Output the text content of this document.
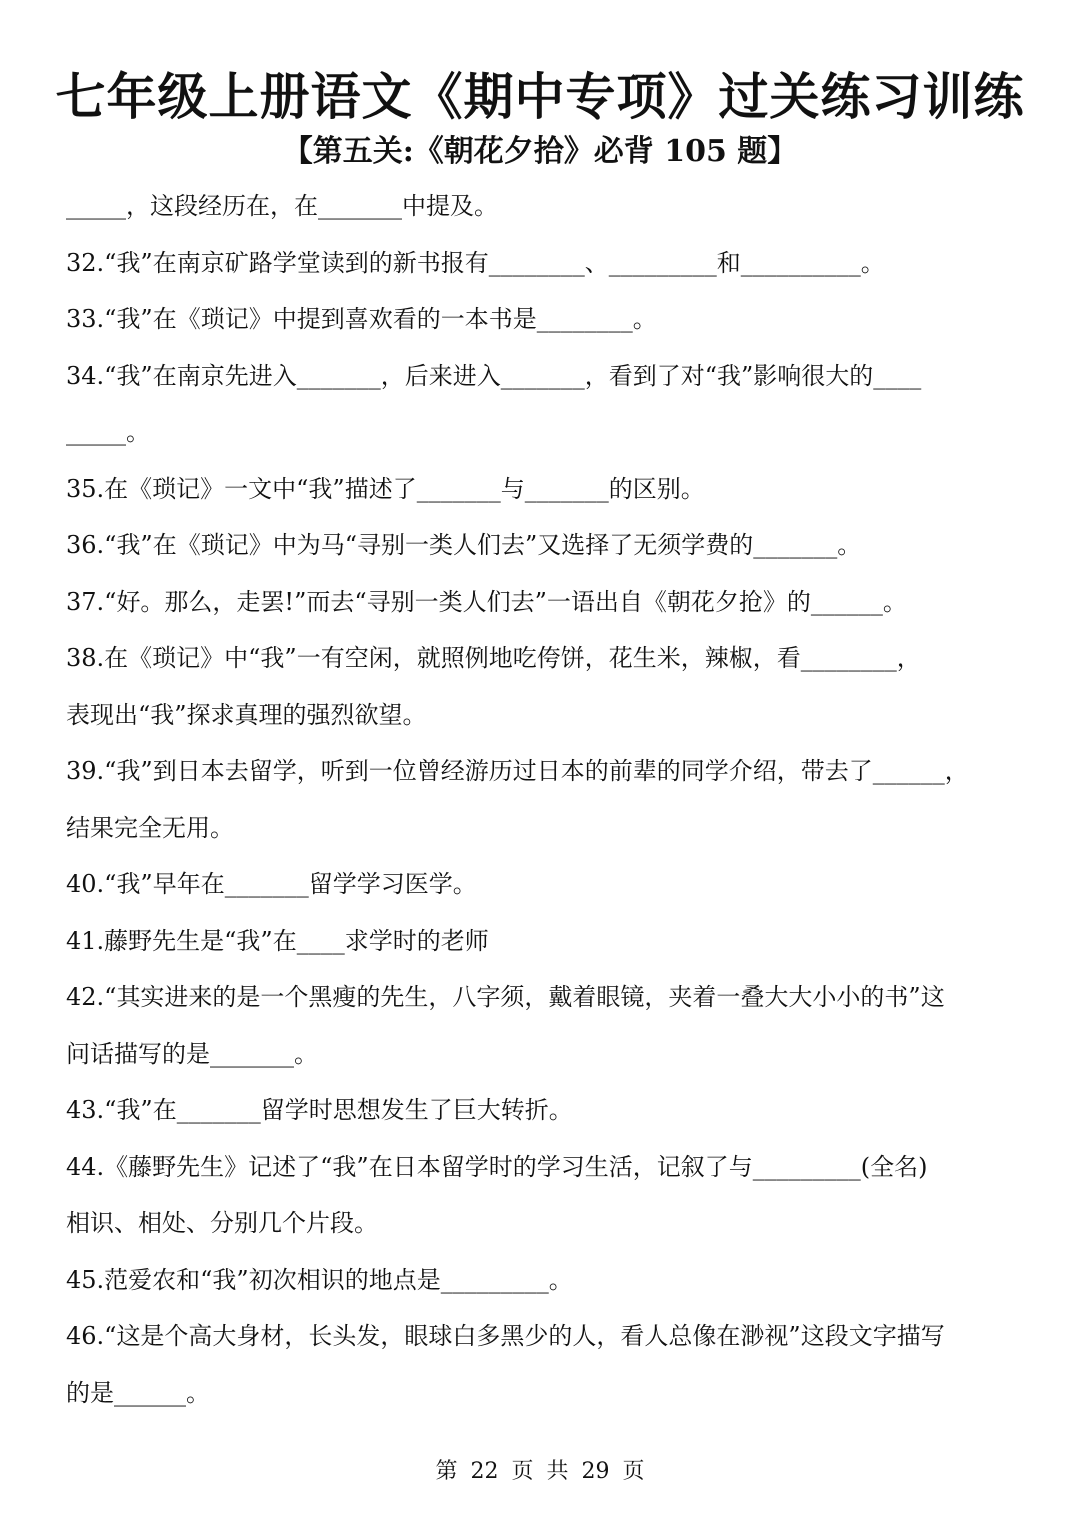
七年级上册语文《期中专项》过关练习训练
【第五关:《朝花夕拾》必背 105 题】
_____，这段经历在，在_______中提及。
32.“我”在南京矿路学堂读到的新书报有________、_________和__________。
33.“我”在《琐记》中提到喜欢看的一本书是________。
34.“我”在南京先进入_______，后来进入_______，看到了对“我”影响很大的____
_____。
35.在《琐记》一文中“我”描述了_______与_______的区别。
36.“我”在《琐记》中为马“寻别一类人们去”又选择了无须学费的_______。
37.“好。那么，走罢!”而去“寻别一类人们去”一语出自《朝花夕抢》的______。
38.在《琐记》中“我”一有空闲，就照例地吃侉饼，花生米，辣椒，看________，
表现出“我”探求真理的强烈欲望。
39.“我”到日本去留学，听到一位曾经游历过日本的前辈的同学介绍，带去了______，
结果完全无用。
40.“我”早年在_______留学学习医学。
41.藤野先生是“我”在____求学时的老师
42.“其实进来的是一个黑瘦的先生，八字须，戴着眼镜，夹着一叠大大小小的书”这
问话描写的是_______。
43.“我”在_______留学时思想发生了巨大转折。
44.《藤野先生》记述了“我”在日本留学时的学习生活，记叙了与_________(全名)
相识、相处、分别几个片段。
45.范爱农和“我”初次相识的地点是_________。
46.“这是个高大身材，长头发，眼球白多黑少的人，看人总像在渺视”这段文字描写
的是______。
第 22 页 共 29 页
